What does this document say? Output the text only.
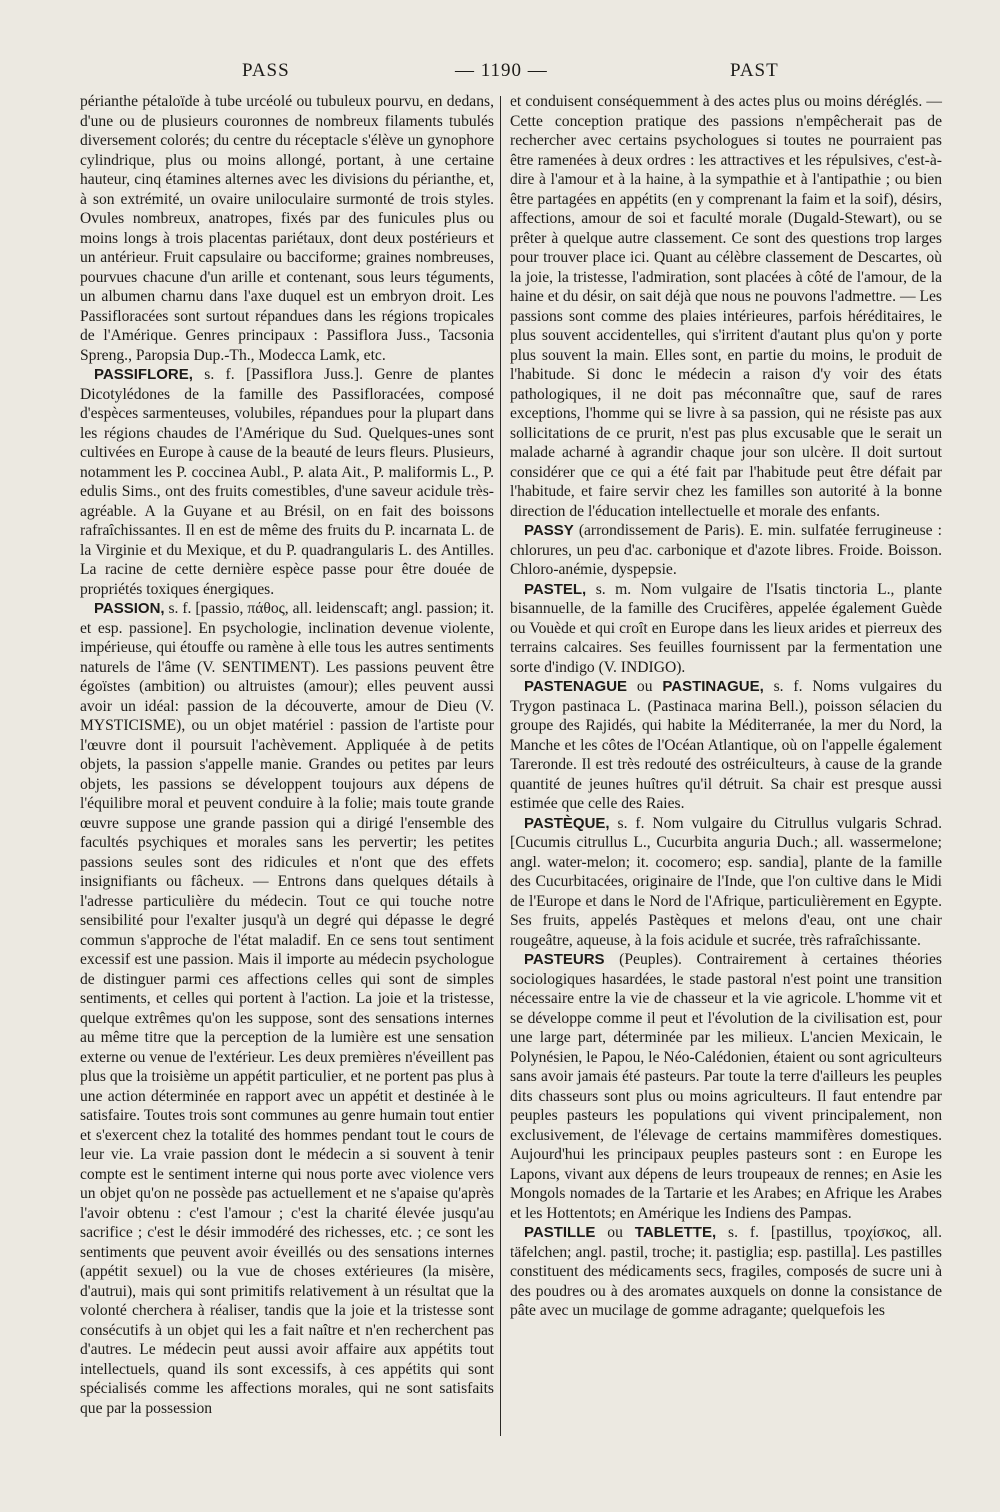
PASS	— 1190 —	PAST

périanthe pétaloïde à tube urcéolé ou tubuleux pourvu, en dedans, d'une ou de plusieurs couronnes de nombreux filaments tubulés diversement colorés; du centre du réceptacle s'élève un gynophore cylindrique, plus ou moins allongé, portant, à une certaine hauteur, cinq étamines alternes avec les divisions du périanthe, et, à son extrémité, un ovaire uniloculaire surmonté de trois styles. Ovules nombreux, anatropes, fixés par des funicules plus ou moins longs à trois placentas pariétaux, dont deux postérieurs et un antérieur. Fruit capsulaire ou bacciforme; graines nombreuses, pourvues chacune d'un arille et contenant, sous leurs téguments, un albumen charnu dans l'axe duquel est un embryon droit. Les Passifloracées sont surtout répandues dans les régions tropicales de l'Amérique. Genres principaux : Passiflora Juss., Tacsonia Spreng., Paropsia Dup.-Th., Modecca Lamk, etc.

PASSIFLORE, s. f. [Passiflora Juss.]. Genre de plantes Dicotylédones de la famille des Passifloracées, composé d'espèces sarmenteuses, volubiles, répandues pour la plupart dans les régions chaudes de l'Amérique du Sud. Quelques-unes sont cultivées en Europe à cause de la beauté de leurs fleurs. Plusieurs, notamment les P. coccinea Aubl., P. alata Ait., P. maliformis L., P. edulis Sims., ont des fruits comestibles, d'une saveur acidule très-agréable. A la Guyane et au Brésil, on en fait des boissons rafraîchissantes. Il en est de même des fruits du P. incarnata L. de la Virginie et du Mexique, et du P. quadrangularis L. des Antilles. La racine de cette dernière espèce passe pour être douée de propriétés toxiques énergiques.

PASSION, s. f. [passio, πάθος, all. leidenscaft; angl. passion; it. et esp. passione]. En psychologie, inclination devenue violente, impérieuse, qui étouffe ou ramène à elle tous les autres sentiments naturels de l'âme (V. SENTIMENT). Les passions peuvent être égoïstes (ambition) ou altruistes (amour); elles peuvent aussi avoir un idéal: passion de la découverte, amour de Dieu (V. MYSTICISME), ou un objet matériel : passion de l'artiste pour l'œuvre dont il poursuit l'achèvement. Appliquée à de petits objets, la passion s'appelle manie. Grandes ou petites par leurs objets, les passions se développent toujours aux dépens de l'équilibre moral et peuvent conduire à la folie; mais toute grande œuvre suppose une grande passion qui a dirigé l'ensemble des facultés psychiques et morales sans les pervertir; les petites passions seules sont des ridicules et n'ont que des effets insignifiants ou fâcheux. — Entrons dans quelques détails à l'adresse particulière du médecin. Tout ce qui touche notre sensibilité pour l'exalter jusqu'à un degré qui dépasse le degré commun s'approche de l'état maladif. En ce sens tout sentiment excessif est une passion. Mais il importe au médecin psychologue de distinguer parmi ces affections celles qui sont de simples sentiments, et celles qui portent à l'action. La joie et la tristesse, quelque extrêmes qu'on les suppose, sont des sensations internes au même titre que la perception de la lumière est une sensation externe ou venue de l'extérieur. Les deux premières n'éveillent pas plus que la troisième un appétit particulier, et ne portent pas plus à une action déterminée en rapport avec un appétit et destinée à le satisfaire. Toutes trois sont communes au genre humain tout entier et s'exercent chez la totalité des hommes pendant tout le cours de leur vie. La vraie passion dont le médecin a si souvent à tenir compte est le sentiment interne qui nous porte avec violence vers un objet qu'on ne possède pas actuellement et ne s'apaise qu'après l'avoir obtenu : c'est l'amour ; c'est la charité élevée jusqu'au sacrifice ; c'est le désir immodéré des richesses, etc. ; ce sont les sentiments que peuvent avoir éveillés ou des sensations internes (appétit sexuel) ou la vue de choses extérieures (la misère, d'autrui), mais qui sont primitifs relativement à un résultat que la volonté cherchera à réaliser, tandis que la joie et la tristesse sont consécutifs à un objet qui les a fait naître et n'en recherchent pas d'autres. Le médecin peut aussi avoir affaire aux appétits tout intellectuels, quand ils sont excessifs, à ces appétits qui sont spécialisés comme les affections morales, qui ne sont satisfaits que par la possession

et conduisent conséquemment à des actes plus ou moins déréglés. — Cette conception pratique des passions n'empêcherait pas de rechercher avec certains psychologues si toutes ne pourraient pas être ramenées à deux ordres : les attractives et les répulsives, c'est-à-dire à l'amour et à la haine, à la sympathie et à l'antipathie ; ou bien être partagées en appétits (en y comprenant la faim et la soif), désirs, affections, amour de soi et faculté morale (Dugald-Stewart), ou se prêter à quelque autre classement. Ce sont des questions trop larges pour trouver place ici. Quant au célèbre classement de Descartes, où la joie, la tristesse, l'admiration, sont placées à côté de l'amour, de la haine et du désir, on sait déjà que nous ne pouvons l'admettre. — Les passions sont comme des plaies intérieures, parfois héréditaires, le plus souvent accidentelles, qui s'irritent d'autant plus qu'on y porte plus souvent la main. Elles sont, en partie du moins, le produit de l'habitude. Si donc le médecin a raison d'y voir des états pathologiques, il ne doit pas méconnaître que, sauf de rares exceptions, l'homme qui se livre à sa passion, qui ne résiste pas aux sollicitations de ce prurit, n'est pas plus excusable que le serait un malade acharné à agrandir chaque jour son ulcère. Il doit surtout considérer que ce qui a été fait par l'habitude peut être défait par l'habitude, et faire servir chez les familles son autorité à la bonne direction de l'éducation intellectuelle et morale des enfants.

PASSY (arrondissement de Paris). E. min. sulfatée ferrugineuse : chlorures, un peu d'ac. carbonique et d'azote libres. Froide. Boisson. Chloro-anémie, dyspepsie.

PASTEL, s. m. Nom vulgaire de l'Isatis tinctoria L., plante bisannuelle, de la famille des Crucifères, appelée également Guède ou Vouède et qui croît en Europe dans les lieux arides et pierreux des terrains calcaires. Ses feuilles fournissent par la fermentation une sorte d'indigo (V. INDIGO).

PASTENAGUE ou PASTINAGUE, s. f. Noms vulgaires du Trygon pastinaca L. (Pastinaca marina Bell.), poisson sélacien du groupe des Rajidés, qui habite la Méditerranée, la mer du Nord, la Manche et les côtes de l'Océan Atlantique, où on l'appelle également Tareronde. Il est très redouté des ostréiculteurs, à cause de la grande quantité de jeunes huîtres qu'il détruit. Sa chair est presque aussi estimée que celle des Raies.

PASTÈQUE, s. f. Nom vulgaire du Citrullus vulgaris Schrad. [Cucumis citrullus L., Cucurbita anguria Duch.; all. wassermelone; angl. water-melon; it. cocomero; esp. sandia], plante de la famille des Cucurbitacées, originaire de l'Inde, que l'on cultive dans le Midi de l'Europe et dans le Nord de l'Afrique, particulièrement en Egypte. Ses fruits, appelés Pastèques et melons d'eau, ont une chair rougeâtre, aqueuse, à la fois acidule et sucrée, très rafraîchissante.

PASTEURS (Peuples). Contrairement à certaines théories sociologiques hasardées, le stade pastoral n'est point une transition nécessaire entre la vie de chasseur et la vie agricole. L'homme vit et se développe comme il peut et l'évolution de la civilisation est, pour une large part, déterminée par les milieux. L'ancien Mexicain, le Polynésien, le Papou, le Néo-Calédonien, étaient ou sont agriculteurs sans avoir jamais été pasteurs. Par toute la terre d'ailleurs les peuples dits chasseurs sont plus ou moins agriculteurs. Il faut entendre par peuples pasteurs les populations qui vivent principalement, non exclusivement, de l'élevage de certains mammifères domestiques. Aujourd'hui les principaux peuples pasteurs sont : en Europe les Lapons, vivant aux dépens de leurs troupeaux de rennes; en Asie les Mongols nomades de la Tartarie et les Arabes; en Afrique les Arabes et les Hottentots; en Amérique les Indiens des Pampas.

PASTILLE ou TABLETTE, s. f. [pastillus, τροχίσκος, all. täfelchen; angl. pastil, troche; it. pastiglia; esp. pastilla]. Les pastilles constituent des médicaments secs, fragiles, composés de sucre uni à des poudres ou à des aromates auxquels on donne la consistance de pâte avec un mucilage de gomme adragante; quelquefois les
